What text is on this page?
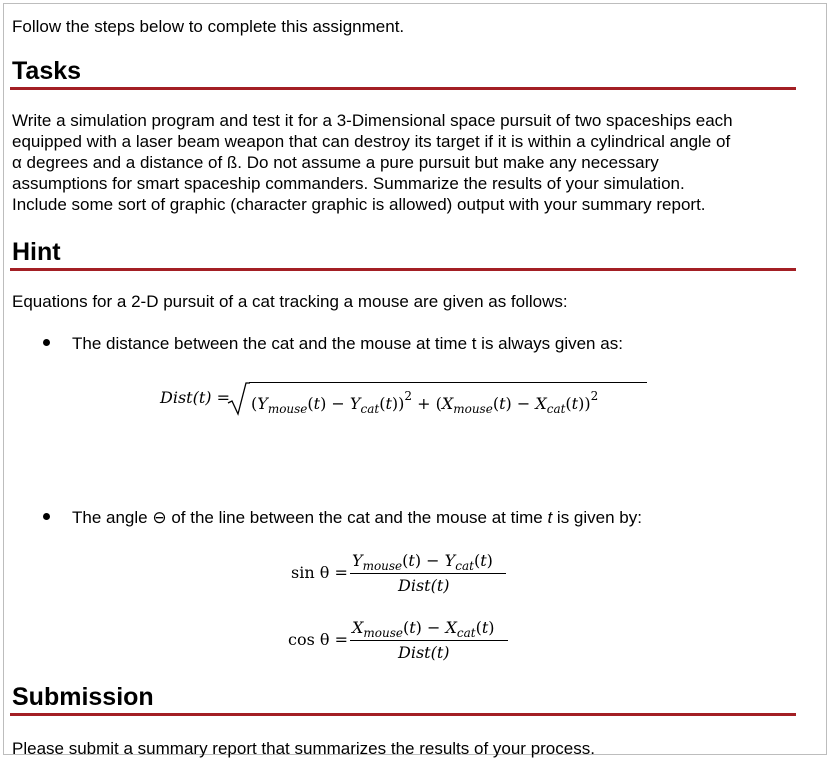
Follow the steps below to complete this assignment.
Tasks
Write a simulation program and test it for a 3-Dimensional space pursuit of two spaceships each
equipped with a laser beam weapon that can destroy its target if it is within a cylindrical angle of
α degrees and a distance of ß. Do not assume a pure pursuit but make any necessary
assumptions for smart spaceship commanders. Summarize the results of your simulation.
Include some sort of graphic (character graphic is allowed) output with your summary report.
Hint
Equations for a 2-D pursuit of a cat tracking a mouse are given as follows:
The distance between the cat and the mouse at time t is always given as:
Dist(t) = $(Y_{mouse}(t) - Y_{cat}(t))^2 + (X_{mouse}(t) - X_{cat}(t))^2$
The angle ⊖ of the line between the cat and the mouse at time t is given by:
sin θ =
$Y_{mouse}(t) - Y_{cat}(t)$
Dist(t)
cos θ =
$X_{mouse}(t) - X_{cat}(t)$
Dist(t)
Submission
Please submit a summary report that summarizes the results of your process.
